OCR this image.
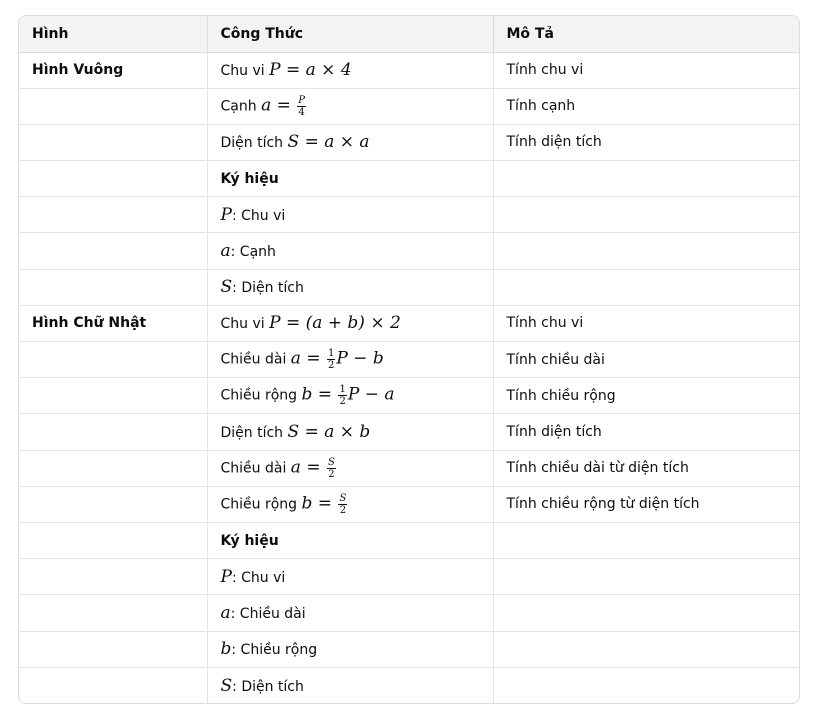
Hình	Công Thức	Mô Tả
Hình Vuông	Chu vi P = a × 4	Tính chu vi
	Cạnh $a = \frac{P}{4}$	Tính cạnh
	Diện tích S = a × a	Tính diện tích
	Ký hiệu	
	P: Chu vi	
	a: Cạnh	
	S: Diện tích	
Hình Chữ Nhật	Chu vi P = (a + b) × 2	Tính chu vi
	Chiều dài $a = \frac{1}{2}$ P − b	Tính chiều dài
	Chiều rộng $b = \frac{1}{2}$ P − a	Tính chiều rộng
	Diện tích S = a × b	Tính diện tích
	Chiều dài $a = \frac{S}{2}$	Tính chiều dài từ diện tích
	Chiều rộng $b = \frac{S}{2}$	Tính chiều rộng từ diện tích
	Ký hiệu	
	P: Chu vi	
	a: Chiều dài	
	b: Chiều rộng	
	S: Diện tích	
